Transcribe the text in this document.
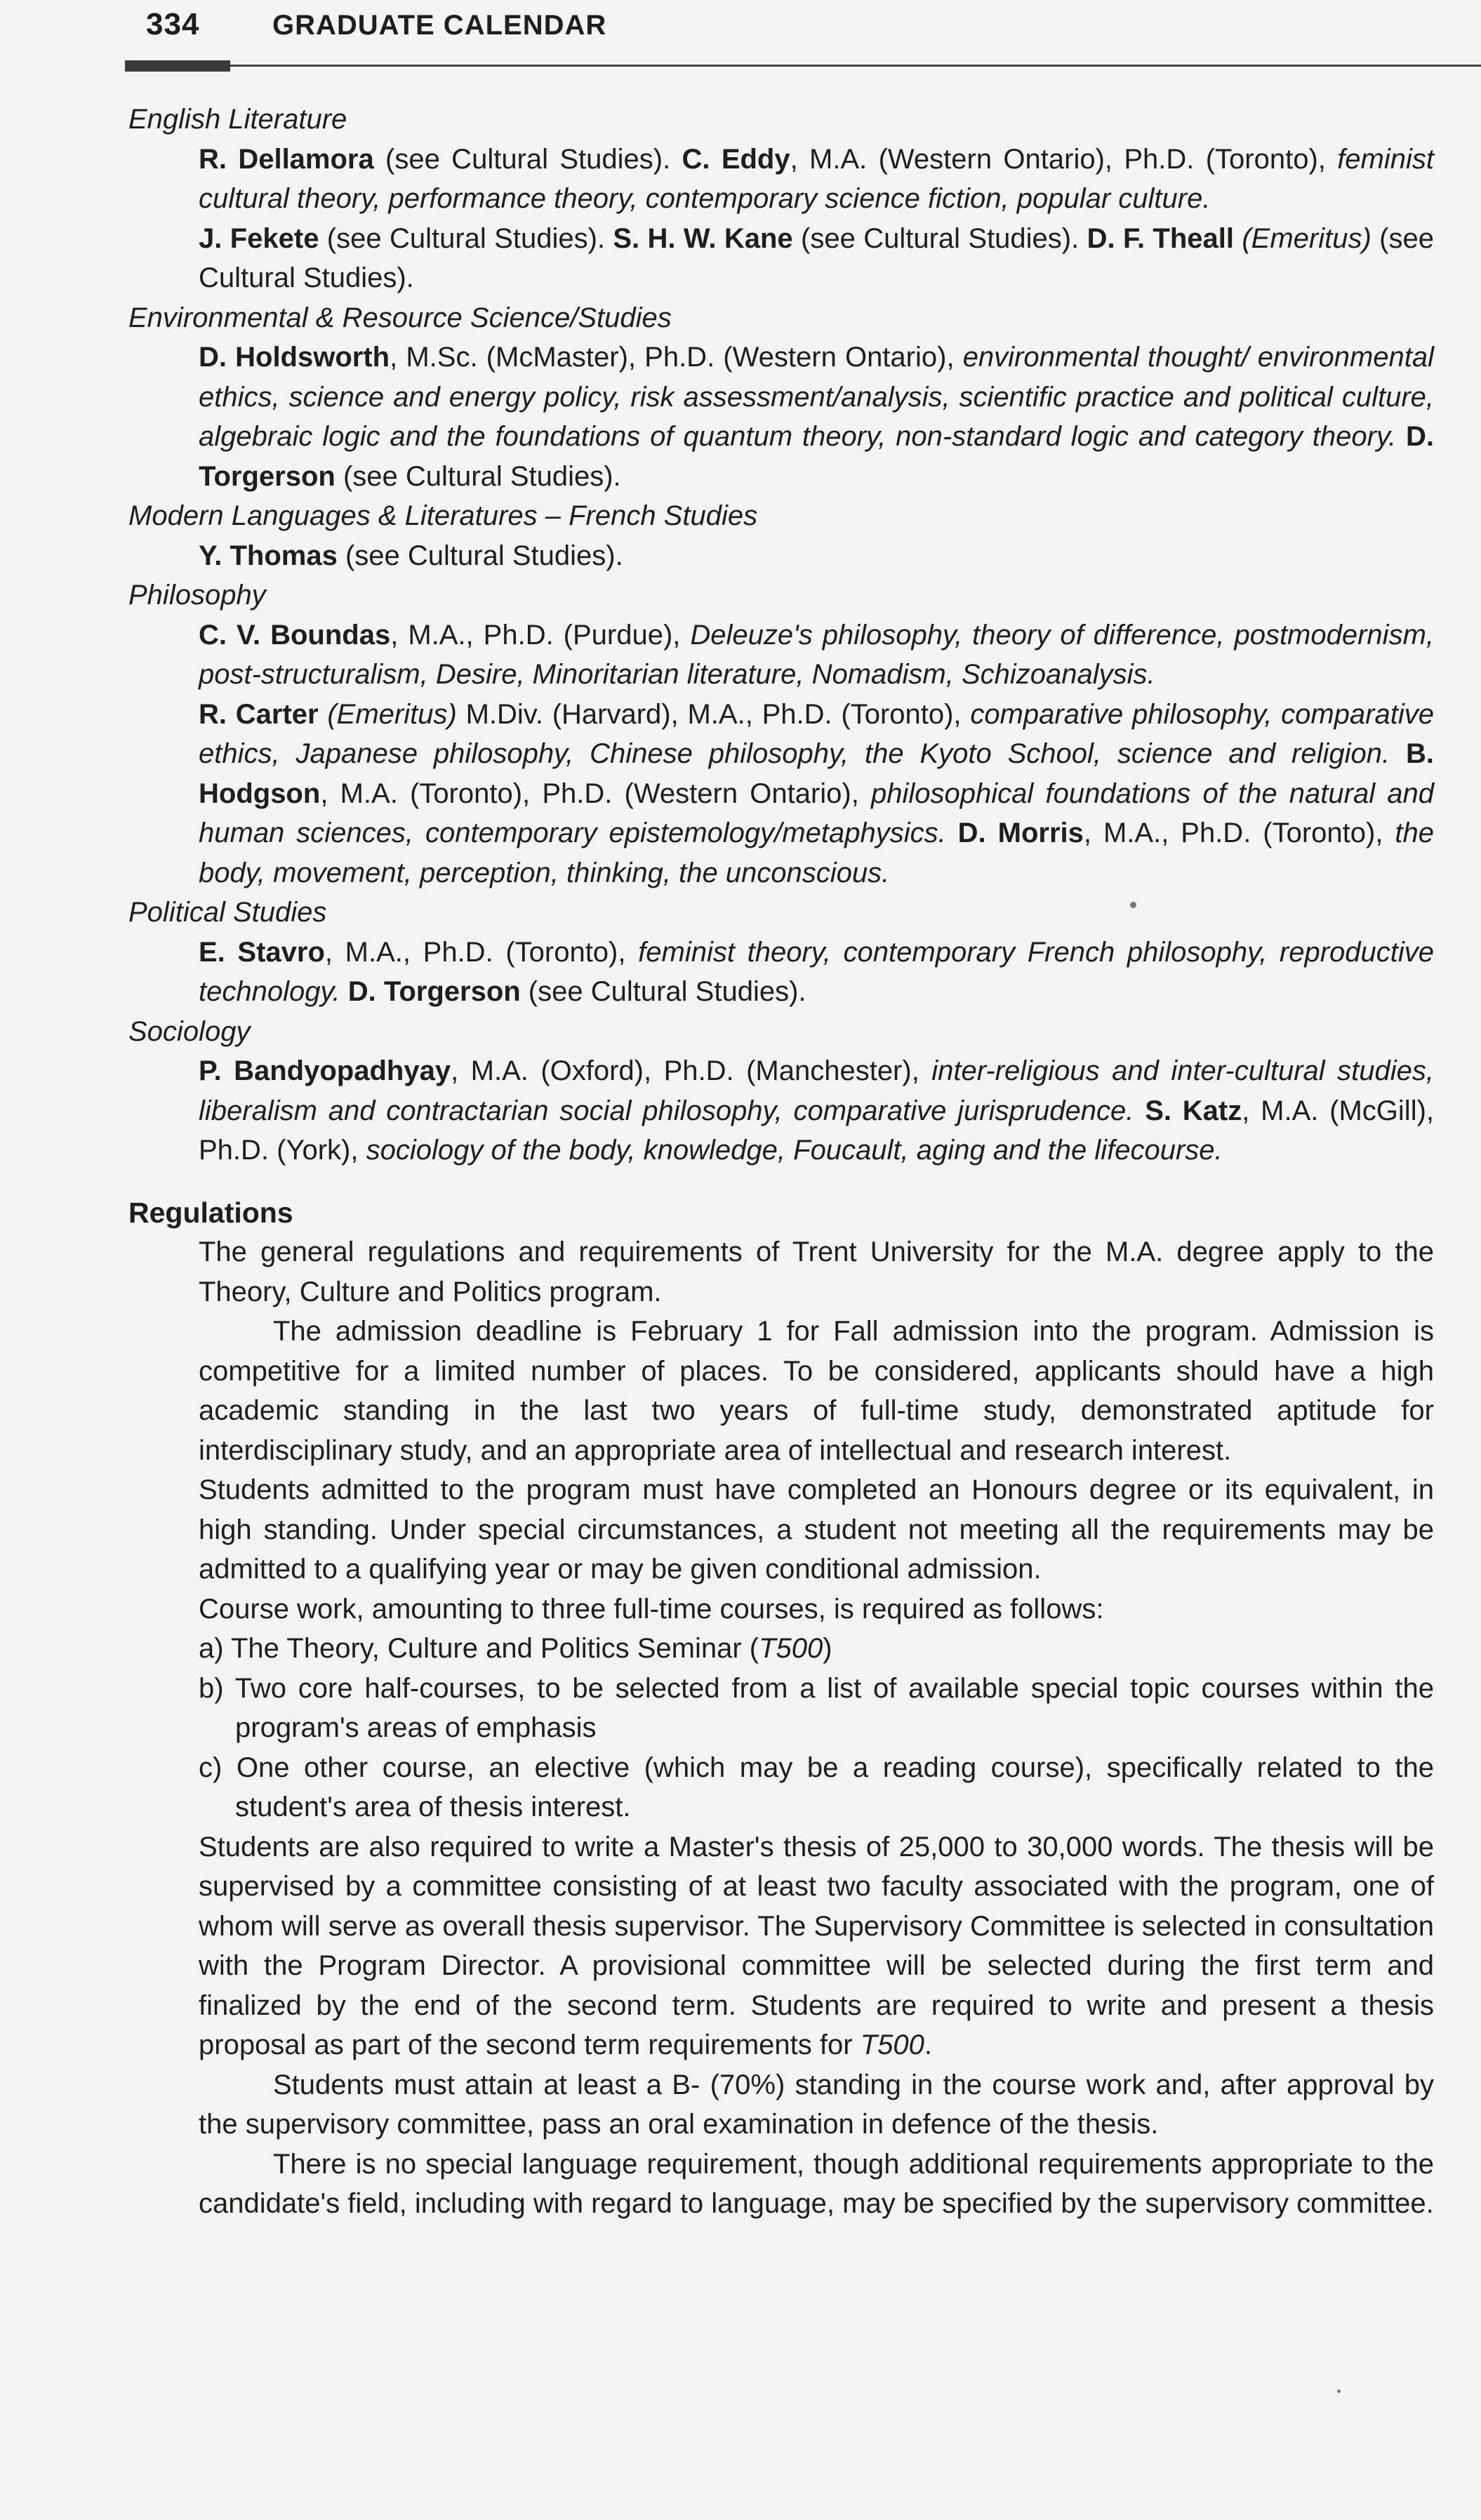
334	GRADUATE CALENDAR

English Literature

R. Dellamora (see Cultural Studies). C. Eddy, M.A. (Western Ontario), Ph.D. (Toronto), feminist cultural theory, performance theory, contemporary science fiction, popular culture.
J. Fekete (see Cultural Studies). S. H. W. Kane (see Cultural Studies). D. F. Theall (Emeritus) (see Cultural Studies).

Environmental & Resource Science/Studies

D. Holdsworth, M.Sc. (McMaster), Ph.D. (Western Ontario), environmental thought/ environmental ethics, science and energy policy, risk assessment/analysis, scientific practice and political culture, algebraic logic and the foundations of quantum theory, non-standard logic and category theory. D. Torgerson (see Cultural Studies).

Modern Languages & Literatures – French Studies

Y. Thomas (see Cultural Studies).

Philosophy

C. V. Boundas, M.A., Ph.D. (Purdue), Deleuze's philosophy, theory of difference, postmodernism, post-structuralism, Desire, Minoritarian literature, Nomadism, Schizoanalysis.

R. Carter (Emeritus) M.Div. (Harvard), M.A., Ph.D. (Toronto), comparative philosophy, comparative ethics, Japanese philosophy, Chinese philosophy, the Kyoto School, science and religion. B. Hodgson, M.A. (Toronto), Ph.D. (Western Ontario), philosophical foundations of the natural and human sciences, contemporary epistemology/metaphysics. D. Morris, M.A., Ph.D. (Toronto), the body, movement, perception, thinking, the unconscious.

Political Studies

E. Stavro, M.A., Ph.D. (Toronto), feminist theory, contemporary French philosophy, reproductive technology. D. Torgerson (see Cultural Studies).

Sociology

P. Bandyopadhyay, M.A. (Oxford), Ph.D. (Manchester), inter-religious and inter-cultural studies, liberalism and contractarian social philosophy, comparative jurisprudence. S. Katz, M.A. (McGill), Ph.D. (York), sociology of the body, knowledge, Foucault, aging and the lifecourse.

Regulations

The general regulations and requirements of Trent University for the M.A. degree apply to the Theory, Culture and Politics program.

The admission deadline is February 1 for Fall admission into the program. Admission is competitive for a limited number of places. To be considered, applicants should have a high academic standing in the last two years of full-time study, demonstrated aptitude for interdisciplinary study, and an appropriate area of intellectual and research interest.

Students admitted to the program must have completed an Honours degree or its equivalent, in high standing. Under special circumstances, a student not meeting all the requirements may be admitted to a qualifying year or may be given conditional admission.

Course work, amounting to three full-time courses, is required as follows:

a) The Theory, Culture and Politics Seminar (T500)

b) Two core half-courses, to be selected from a list of available special topic courses within the program's areas of emphasis

c) One other course, an elective (which may be a reading course), specifically related to the student's area of thesis interest.

Students are also required to write a Master's thesis of 25,000 to 30,000 words. The thesis will be supervised by a committee consisting of at least two faculty associated with the program, one of whom will serve as overall thesis supervisor. The Supervisory Committee is selected in consultation with the Program Director. A provisional committee will be selected during the first term and finalized by the end of the second term. Students are required to write and present a thesis proposal as part of the second term requirements for T500.

Students must attain at least a B- (70%) standing in the course work and, after approval by the supervisory committee, pass an oral examination in defence of the thesis.

There is no special language requirement, though additional requirements appropriate to the candidate's field, including with regard to language, may be specified by the supervisory committee.
